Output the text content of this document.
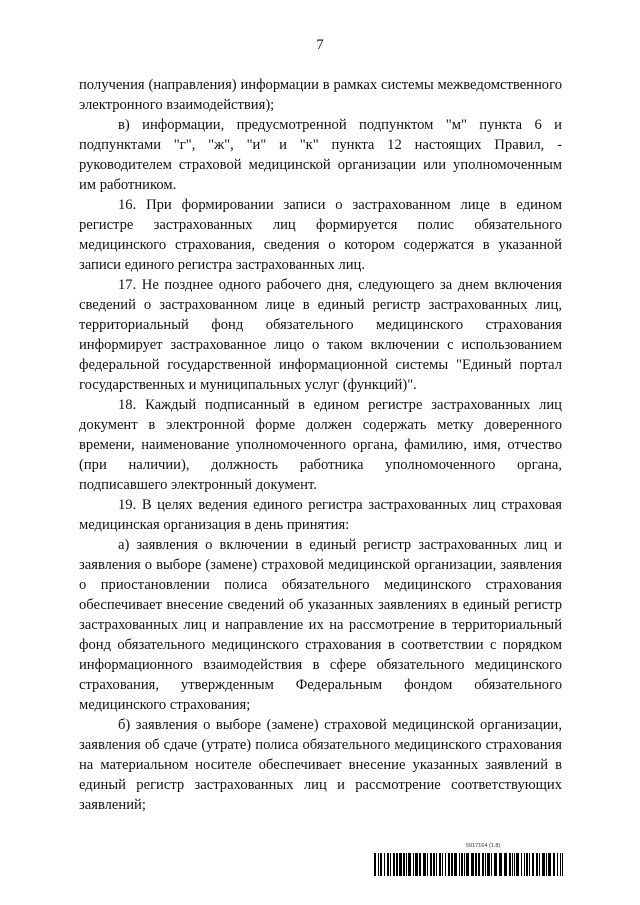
7

получения (направления) информации в рамках системы межведомственного электронного взаимодействия);

в) информации, предусмотренной подпунктом "м" пункта 6 и подпунктами "г", "ж", "и" и "к" пункта 12 настоящих Правил, - руководителем страховой медицинской организации или уполномоченным им работником.

16. При формировании записи о застрахованном лице в едином регистре застрахованных лиц формируется полис обязательного медицинского страхования, сведения о котором содержатся в указанной записи единого регистра застрахованных лиц.

17. Не позднее одного рабочего дня, следующего за днем включения сведений о застрахованном лице в единый регистр застрахованных лиц, территориальный фонд обязательного медицинского страхования информирует застрахованное лицо о таком включении с использованием федеральной государственной информационной системы "Единый портал государственных и муниципальных услуг (функций)".

18. Каждый подписанный в едином регистре застрахованных лиц документ в электронной форме должен содержать метку доверенного времени, наименование уполномоченного органа, фамилию, имя, отчество (при наличии), должность работника уполномоченного органа, подписавшего электронный документ.

19. В целях ведения единого регистра застрахованных лиц страховая медицинская организация в день принятия:

а) заявления о включении в единый регистр застрахованных лиц и заявления о выборе (замене) страховой медицинской организации, заявления о приостановлении полиса обязательного медицинского страхования обеспечивает внесение сведений об указанных заявлениях в единый регистр застрахованных лиц и направление их на рассмотрение в территориальный фонд обязательного медицинского страхования в соответствии с порядком информационного взаимодействия в сфере обязательного медицинского страхования, утвержденным Федеральным фондом обязательного медицинского страхования;

б) заявления о выборе (замене) страховой медицинской организации, заявления об сдаче (утрате) полиса обязательного медицинского страхования на материальном носителе обеспечивает внесение указанных заявлений в единый регистр застрахованных лиц и рассмотрение соответствующих заявлений;

5917164 (1.8)
